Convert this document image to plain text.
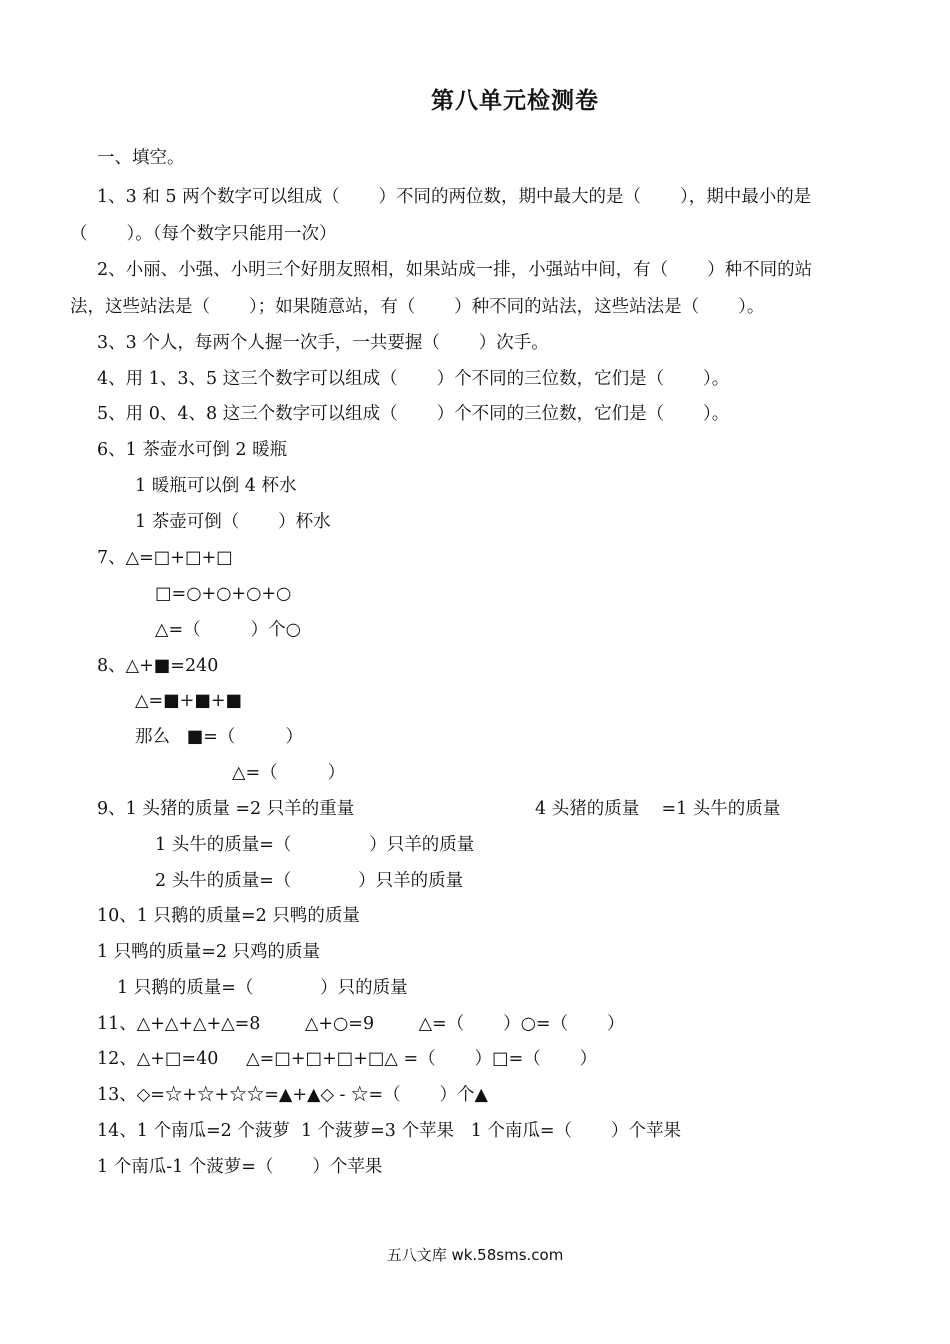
第八单元检测卷
一、填空。
1、3 和 5 两个数字可以组成（       ）不同的两位数，期中最大的是（       ），期中最小的是
（       ）。（每个数字只能用一次）
2、小丽、小强、小明三个好朋友照相，如果站成一排，小强站中间，有（       ）种不同的站
法，这些站法是（       ）；如果随意站，有（       ）种不同的站法，这些站法是（       ）。
3、3 个人，每两个人握一次手，一共要握（       ）次手。
4、用 1、3、5 这三个数字可以组成（       ）个不同的三位数，它们是（       ）。
5、用 0、4、8 这三个数字可以组成（       ）个不同的三位数，它们是（       ）。
6、1 茶壶水可倒 2 暖瓶
1 暖瓶可以倒 4 杯水
1 茶壶可倒（       ）杯水
7、△=□+□+□
□=○+○+○+○
△=（         ）个○
8、△+■=240
△=■+■+■
那么   ■=（         ）
△=（         ）
9、1 头猪的质量 =2 只羊的重量	4 头猪的质量    =1 头牛的质量
1 头牛的质量=（              ）只羊的质量
2 头牛的质量=（            ）只羊的质量
10、1 只鹅的质量=2 只鸭的质量
1 只鸭的质量=2 只鸡的质量
1 只鹅的质量=（            ）只的质量
11、△+△+△+△=8        △+○=9        △=（       ）○=（       ）
12、△+□=40     △=□+□+□+□△ =（       ）□=（       ）
13、◇=☆+☆+☆☆=▲+▲◇ - ☆=（       ）个▲
14、1 个南瓜=2 个菠萝  1 个菠萝=3 个苹果   1 个南瓜=（       ）个苹果
1 个南瓜-1 个菠萝=（       ）个苹果
五八文库 wk.58sms.com
